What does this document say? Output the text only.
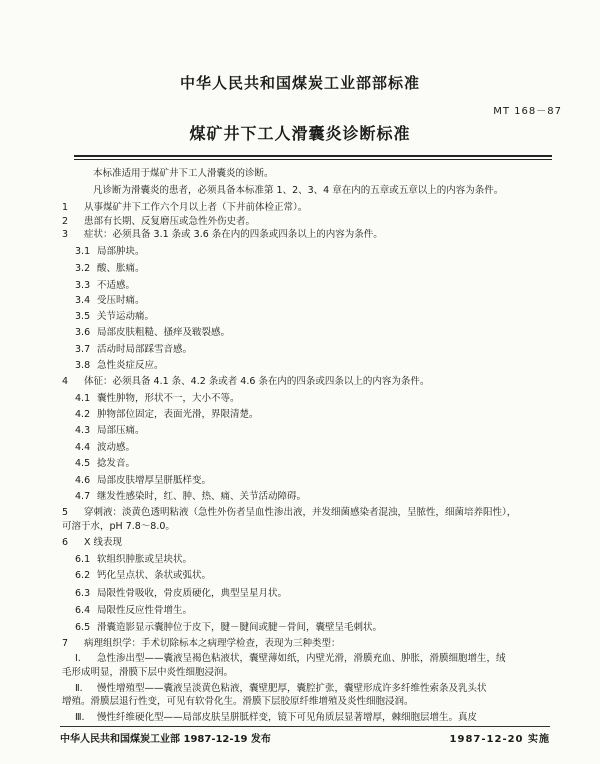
中华人民共和国煤炭工业部部标准
MT 168－87
煤矿井下工人滑囊炎诊断标准
本标准适用于煤矿井下工人滑囊炎的诊断。
凡诊断为滑囊炎的患者，必须具备本标准第 1、2、3、4 章在内的五章或五章以上的内容为条件。
1 从事煤矿井下工作六个月以上者（下井前体检正常）。
2 患部有长期、反复磨压或急性外伤史者。
3 症状：必须具备 3.1 条或 3.6 条在内的四条或四条以上的内容为条件。
3.1 局部肿块。
3.2 酸、胀痛。
3.3 不适感。
3.4 受压时痛。
3.5 关节运动痛。
3.6 局部皮肤粗糙、搔痒及皲裂感。
3.7 活动时局部踩雪音感。
3.8 急性炎症反应。
4 体征：必须具备 4.1 条、4.2 条或者 4.6 条在内的四条或四条以上的内容为条件。
4.1 囊性肿物，形状不一，大小不等。
4.2 肿物部位固定，表面光滑，界限清楚。
4.3 局部压痛。
4.4 波动感。
4.5 捻发音。
4.6 局部皮肤增厚呈胼胝样变。
4.7 继发性感染时，红、肿、热、痛、关节活动障碍。
5 穿刺液：淡黄色透明粘液（急性外伤者呈血性渗出液，并发细菌感染者混浊，呈脓性，细菌培养阳性），
可溶于水，pH 7.8～8.0。
6 X 线表现
6.1 软组织肿胀或呈块状。
6.2 钙化呈点状、条状或弧状。
6.3 局限性骨吸收，骨皮质硬化，典型呈星月状。
6.4 局限性反应性骨增生。
6.5 滑囊造影显示囊肿位于皮下，腱－腱间或腱－骨间，囊壁呈毛刺状。
7 病理组织学：手术切除标本之病理学检查，表现为三种类型：
Ⅰ. 急性渗出型——囊液呈褐色粘液状，囊壁薄如纸，内壁光滑，滑膜充血、肿胀，滑膜细胞增生，绒
毛形成明显，滑膜下层中炎性细胞浸润。
Ⅱ. 慢性增殖型——囊液呈淡黄色粘液，囊壁肥厚，囊腔扩张，囊壁形成许多纤维性索条及乳头状
增殖。滑膜层退行性变，可见有软骨化生。滑膜下层胶原纤维增殖及炎性细胞浸润。
Ⅲ. 慢性纤维硬化型——局部皮肤呈胼胝样变，镜下可见角质层显著增厚，棘细胞层增生。真皮
中华人民共和国煤炭工业部 1987-12-19 发布	1987-12-20 实施
